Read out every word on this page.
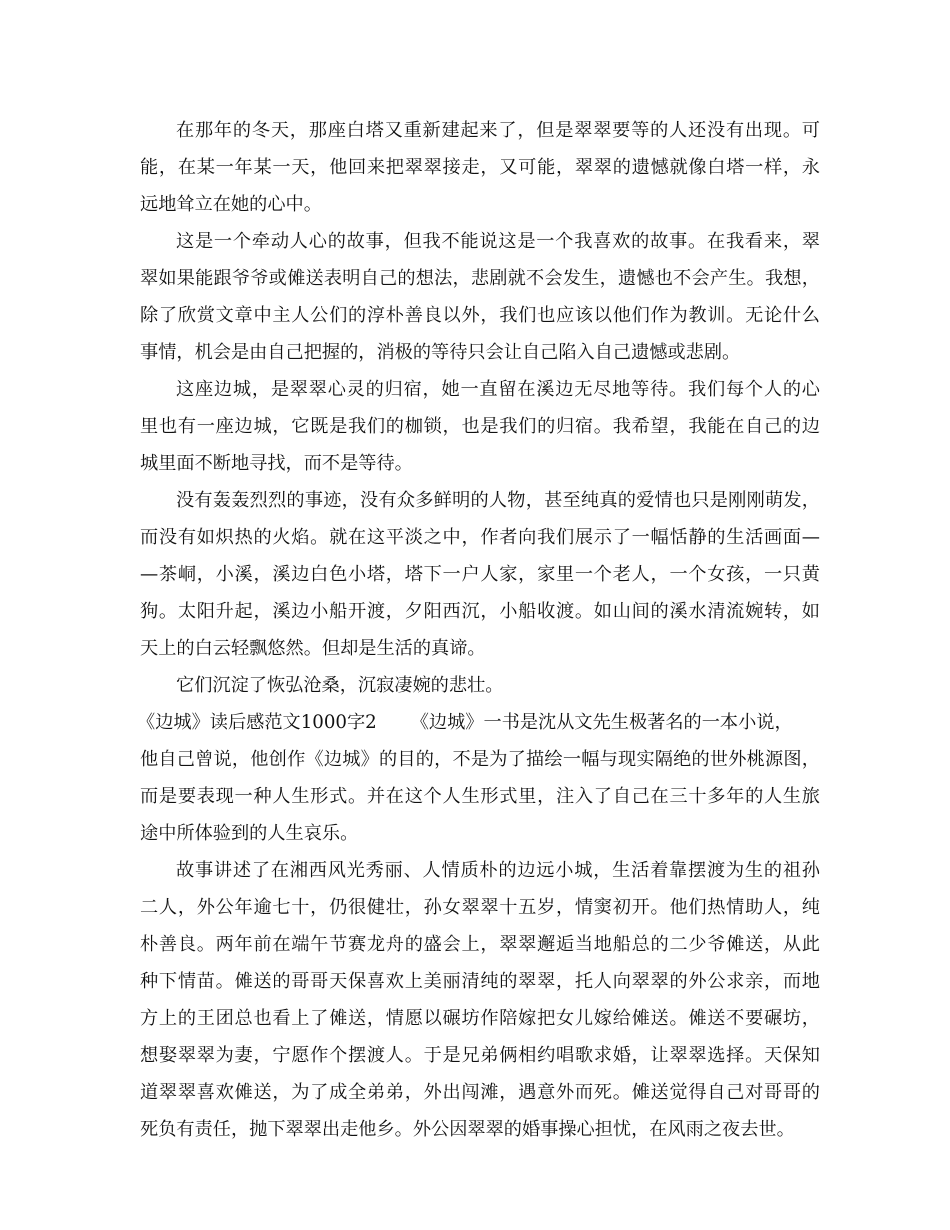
在那年的冬天，那座白塔又重新建起来了，但是翠翠要等的人还没有出现。可
能，在某一年某一天，他回来把翠翠接走，又可能，翠翠的遗憾就像白塔一样，永
远地耸立在她的心中。
这是一个牵动人心的故事，但我不能说这是一个我喜欢的故事。在我看来，翠
翠如果能跟爷爷或傩送表明自己的想法，悲剧就不会发生，遗憾也不会产生。我想，
除了欣赏文章中主人公们的淳朴善良以外，我们也应该以他们作为教训。无论什么
事情，机会是由自己把握的，消极的等待只会让自己陷入自己遗憾或悲剧。
这座边城，是翠翠心灵的归宿，她一直留在溪边无尽地等待。我们每个人的心
里也有一座边城，它既是我们的枷锁，也是我们的归宿。我希望，我能在自己的边
城里面不断地寻找，而不是等待。
没有轰轰烈烈的事迹，没有众多鲜明的人物，甚至纯真的爱情也只是刚刚萌发，
而没有如炽热的火焰。就在这平淡之中，作者向我们展示了一幅恬静的生活画面—
—茶峒，小溪，溪边白色小塔，塔下一户人家，家里一个老人，一个女孩，一只黄
狗。太阳升起，溪边小船开渡，夕阳西沉，小船收渡。如山间的溪水清流婉转，如
天上的白云轻飘悠然。但却是生活的真谛。
它们沉淀了恢弘沧桑，沉寂凄婉的悲壮。
《边城》读后感范文1000字2 《边城》一书是沈从文先生极著名的一本小说，
他自己曾说，他创作《边城》的目的，不是为了描绘一幅与现实隔绝的世外桃源图，
而是要表现一种人生形式。并在这个人生形式里，注入了自己在三十多年的人生旅
途中所体验到的人生哀乐。
故事讲述了在湘西风光秀丽、人情质朴的边远小城，生活着靠摆渡为生的祖孙
二人，外公年逾七十，仍很健壮，孙女翠翠十五岁，情窦初开。他们热情助人，纯
朴善良。两年前在端午节赛龙舟的盛会上，翠翠邂逅当地船总的二少爷傩送，从此
种下情苗。傩送的哥哥天保喜欢上美丽清纯的翠翠，托人向翠翠的外公求亲，而地
方上的王团总也看上了傩送，情愿以碾坊作陪嫁把女儿嫁给傩送。傩送不要碾坊，
想娶翠翠为妻，宁愿作个摆渡人。于是兄弟俩相约唱歌求婚，让翠翠选择。天保知
道翠翠喜欢傩送，为了成全弟弟，外出闯滩，遇意外而死。傩送觉得自己对哥哥的
死负有责任，抛下翠翠出走他乡。外公因翠翠的婚事操心担忧，在风雨之夜去世。
